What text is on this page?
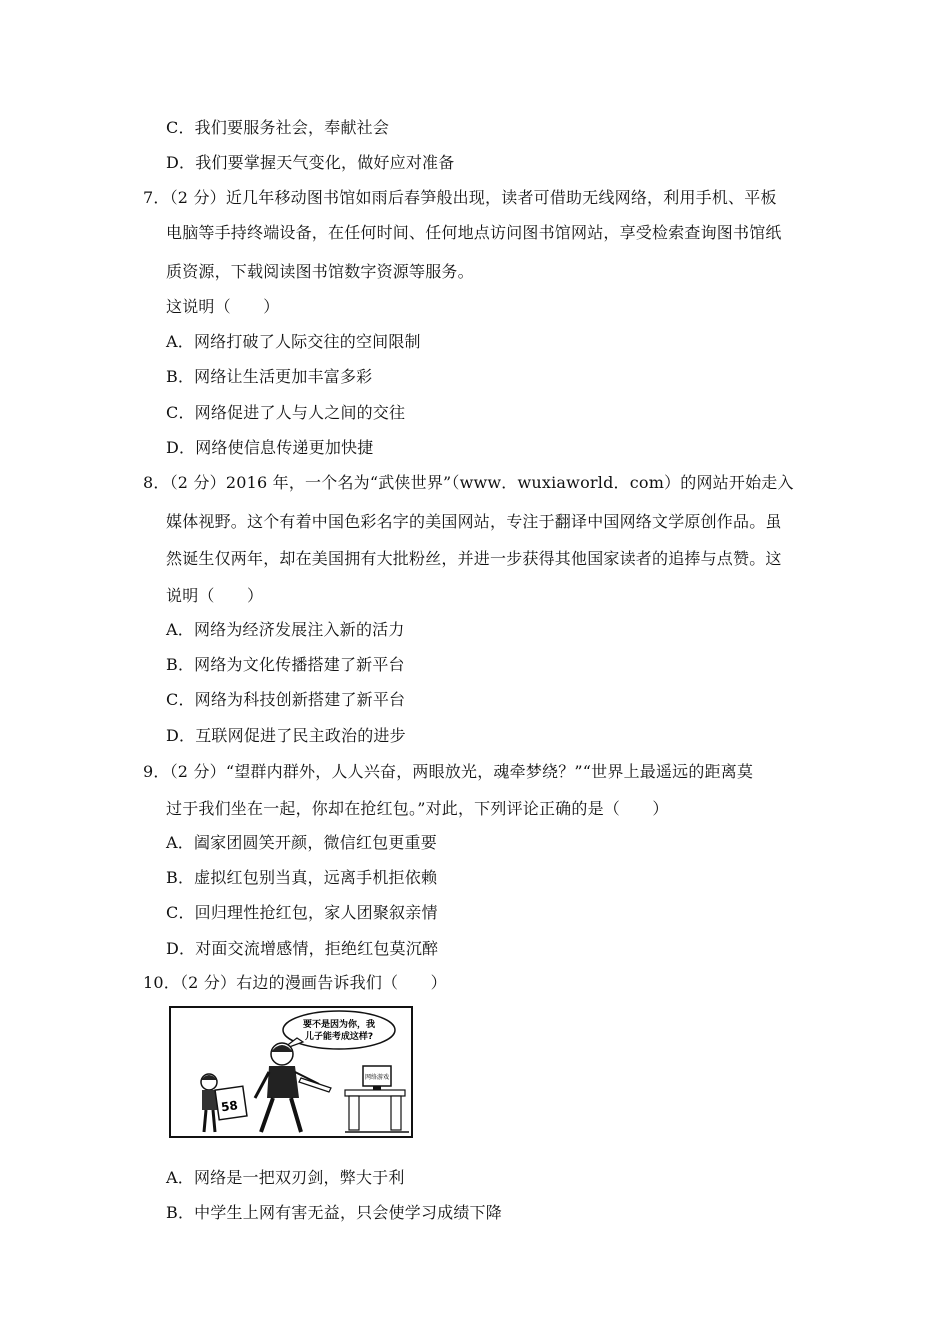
C．我们要服务社会，奉献社会
D．我们要掌握天气变化，做好应对准备
7．（2 分）近几年移动图书馆如雨后春笋般出现，读者可借助无线网络，利用手机、平板
电脑等手持终端设备，在任何时间、任何地点访问图书馆网站，享受检索查询图书馆纸
质资源，下载阅读图书馆数字资源等服务。
这说明（　　）
A．网络打破了人际交往的空间限制
B．网络让生活更加丰富多彩
C．网络促进了人与人之间的交往
D．网络使信息传递更加快捷
8．（2 分）2016 年，一个名为“武侠世界”（www．wuxiaworld．com）的网站开始走入
媒体视野。这个有着中国色彩名字的美国网站，专注于翻译中国网络文学原创作品。虽
然诞生仅两年，却在美国拥有大批粉丝，并进一步获得其他国家读者的追捧与点赞。这
说明（　　）
A．网络为经济发展注入新的活力
B．网络为文化传播搭建了新平台
C．网络为科技创新搭建了新平台
D．互联网促进了民主政治的进步
9．（2 分）“望群内群外，人人兴奋，两眼放光，魂牵梦绕？”“世界上最遥远的距离莫
过于我们坐在一起，你却在抢红包。”对此，下列评论正确的是（　　）
A．阖家团圆笑开颜，微信红包更重要
B．虚拟红包别当真，远离手机拒依赖
C．回归理性抢红包，家人团聚叙亲情
D．对面交流增感情，拒绝红包莫沉醉
10．（2 分）右边的漫画告诉我们（　　）
要不是因为你，我
儿子能考成这样?
58
网络游戏
A．网络是一把双刃剑，弊大于利
B．中学生上网有害无益，只会使学习成绩下降
